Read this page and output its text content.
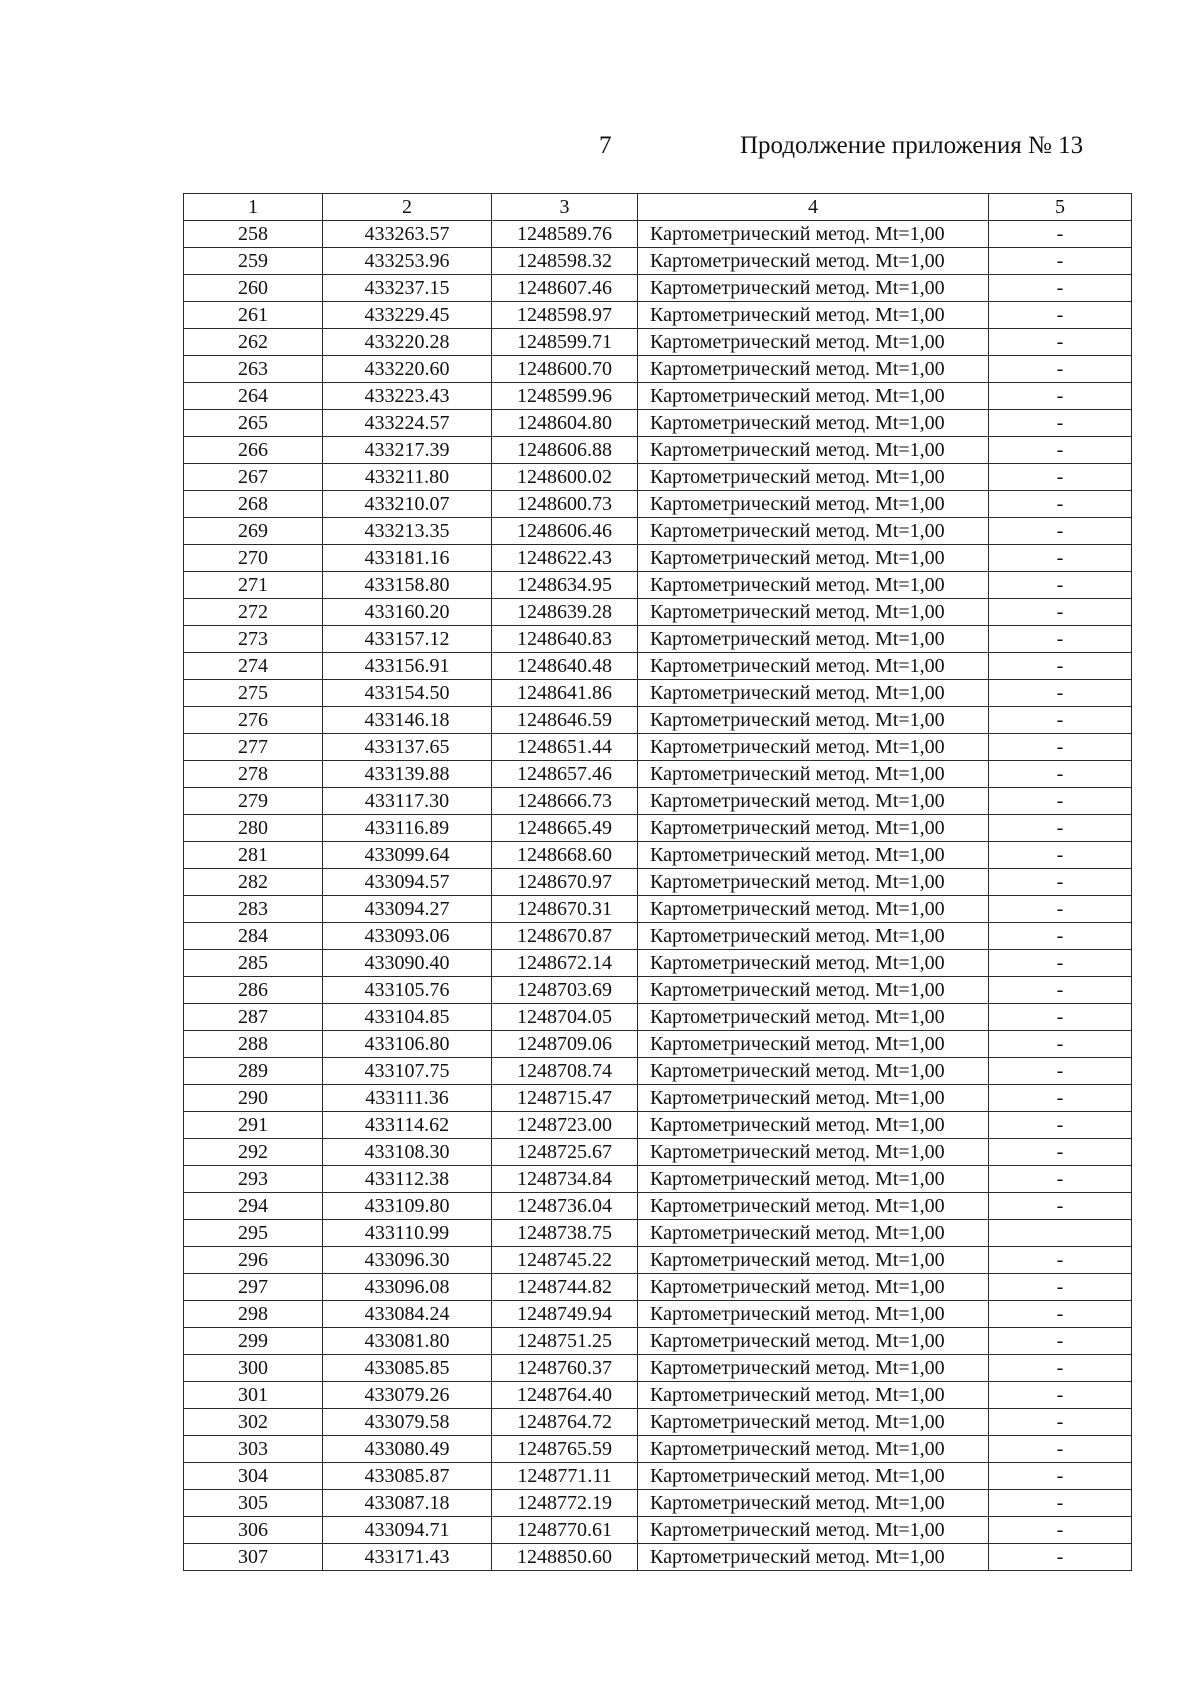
7	Продолжение приложения № 13
1	2	3	4	5
258	433263.57	1248589.76	Картометрический метод. Mt=1,00	-
259	433253.96	1248598.32	Картометрический метод. Mt=1,00	-
260	433237.15	1248607.46	Картометрический метод. Mt=1,00	-
261	433229.45	1248598.97	Картометрический метод. Mt=1,00	-
262	433220.28	1248599.71	Картометрический метод. Mt=1,00	-
263	433220.60	1248600.70	Картометрический метод. Mt=1,00	-
264	433223.43	1248599.96	Картометрический метод. Mt=1,00	-
265	433224.57	1248604.80	Картометрический метод. Mt=1,00	-
266	433217.39	1248606.88	Картометрический метод. Mt=1,00	-
267	433211.80	1248600.02	Картометрический метод. Mt=1,00	-
268	433210.07	1248600.73	Картометрический метод. Mt=1,00	-
269	433213.35	1248606.46	Картометрический метод. Mt=1,00	-
270	433181.16	1248622.43	Картометрический метод. Mt=1,00	-
271	433158.80	1248634.95	Картометрический метод. Mt=1,00	-
272	433160.20	1248639.28	Картометрический метод. Mt=1,00	-
273	433157.12	1248640.83	Картометрический метод. Mt=1,00	-
274	433156.91	1248640.48	Картометрический метод. Mt=1,00	-
275	433154.50	1248641.86	Картометрический метод. Mt=1,00	-
276	433146.18	1248646.59	Картометрический метод. Mt=1,00	-
277	433137.65	1248651.44	Картометрический метод. Mt=1,00	-
278	433139.88	1248657.46	Картометрический метод. Mt=1,00	-
279	433117.30	1248666.73	Картометрический метод. Mt=1,00	-
280	433116.89	1248665.49	Картометрический метод. Mt=1,00	-
281	433099.64	1248668.60	Картометрический метод. Mt=1,00	-
282	433094.57	1248670.97	Картометрический метод. Mt=1,00	-
283	433094.27	1248670.31	Картометрический метод. Mt=1,00	-
284	433093.06	1248670.87	Картометрический метод. Mt=1,00	-
285	433090.40	1248672.14	Картометрический метод. Mt=1,00	-
286	433105.76	1248703.69	Картометрический метод. Mt=1,00	-
287	433104.85	1248704.05	Картометрический метод. Mt=1,00	-
288	433106.80	1248709.06	Картометрический метод. Mt=1,00	-
289	433107.75	1248708.74	Картометрический метод. Mt=1,00	-
290	433111.36	1248715.47	Картометрический метод. Mt=1,00	-
291	433114.62	1248723.00	Картометрический метод. Mt=1,00	-
292	433108.30	1248725.67	Картометрический метод. Mt=1,00	-
293	433112.38	1248734.84	Картометрический метод. Mt=1,00	-
294	433109.80	1248736.04	Картометрический метод. Mt=1,00	-
295	433110.99	1248738.75	Картометрический метод. Mt=1,00	
296	433096.30	1248745.22	Картометрический метод. Mt=1,00	-
297	433096.08	1248744.82	Картометрический метод. Mt=1,00	-
298	433084.24	1248749.94	Картометрический метод. Mt=1,00	-
299	433081.80	1248751.25	Картометрический метод. Mt=1,00	-
300	433085.85	1248760.37	Картометрический метод. Mt=1,00	-
301	433079.26	1248764.40	Картометрический метод. Mt=1,00	-
302	433079.58	1248764.72	Картометрический метод. Mt=1,00	-
303	433080.49	1248765.59	Картометрический метод. Mt=1,00	-
304	433085.87	1248771.11	Картометрический метод. Mt=1,00	-
305	433087.18	1248772.19	Картометрический метод. Mt=1,00	-
306	433094.71	1248770.61	Картометрический метод. Mt=1,00	-
307	433171.43	1248850.60	Картометрический метод. Mt=1,00	-
